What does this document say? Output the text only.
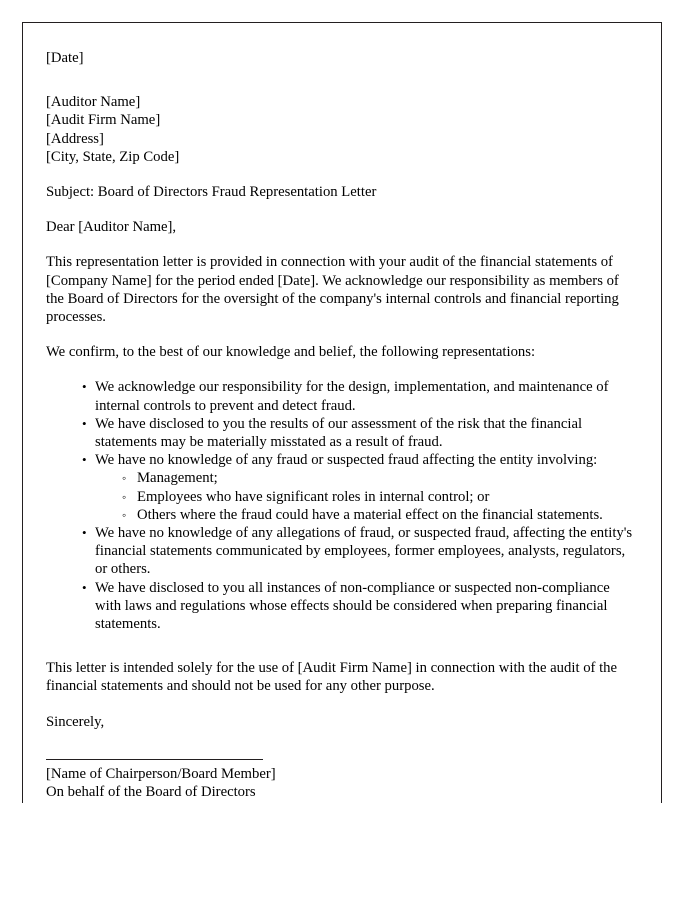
[Date]
[Auditor Name]
[Audit Firm Name]
[Address]
[City, State, Zip Code]
Subject: Board of Directors Fraud Representation Letter
Dear [Auditor Name],

This representation letter is provided in connection with your audit of the financial statements of [Company Name] for the period ended [Date]. We acknowledge our responsibility as members of the Board of Directors for the oversight of the company's internal controls and financial reporting processes.

We confirm, to the best of our knowledge and belief, the following representations:

• We acknowledge our responsibility for the design, implementation, and maintenance of internal controls to prevent and detect fraud.
• We have disclosed to you the results of our assessment of the risk that the financial statements may be materially misstated as a result of fraud.
• We have no knowledge of any fraud or suspected fraud affecting the entity involving:
◦ Management;
◦ Employees who have significant roles in internal control; or
◦ Others where the fraud could have a material effect on the financial statements.
• We have no knowledge of any allegations of fraud, or suspected fraud, affecting the entity's financial statements communicated by employees, former employees, analysts, regulators, or others.
• We have disclosed to you all instances of non-compliance or suspected non-compliance with laws and regulations whose effects should be considered when preparing financial statements.

This letter is intended solely for the use of [Audit Firm Name] in connection with the audit of the financial statements and should not be used for any other purpose.

Sincerely,
[Name of Chairperson/Board Member]
On behalf of the Board of Directors
